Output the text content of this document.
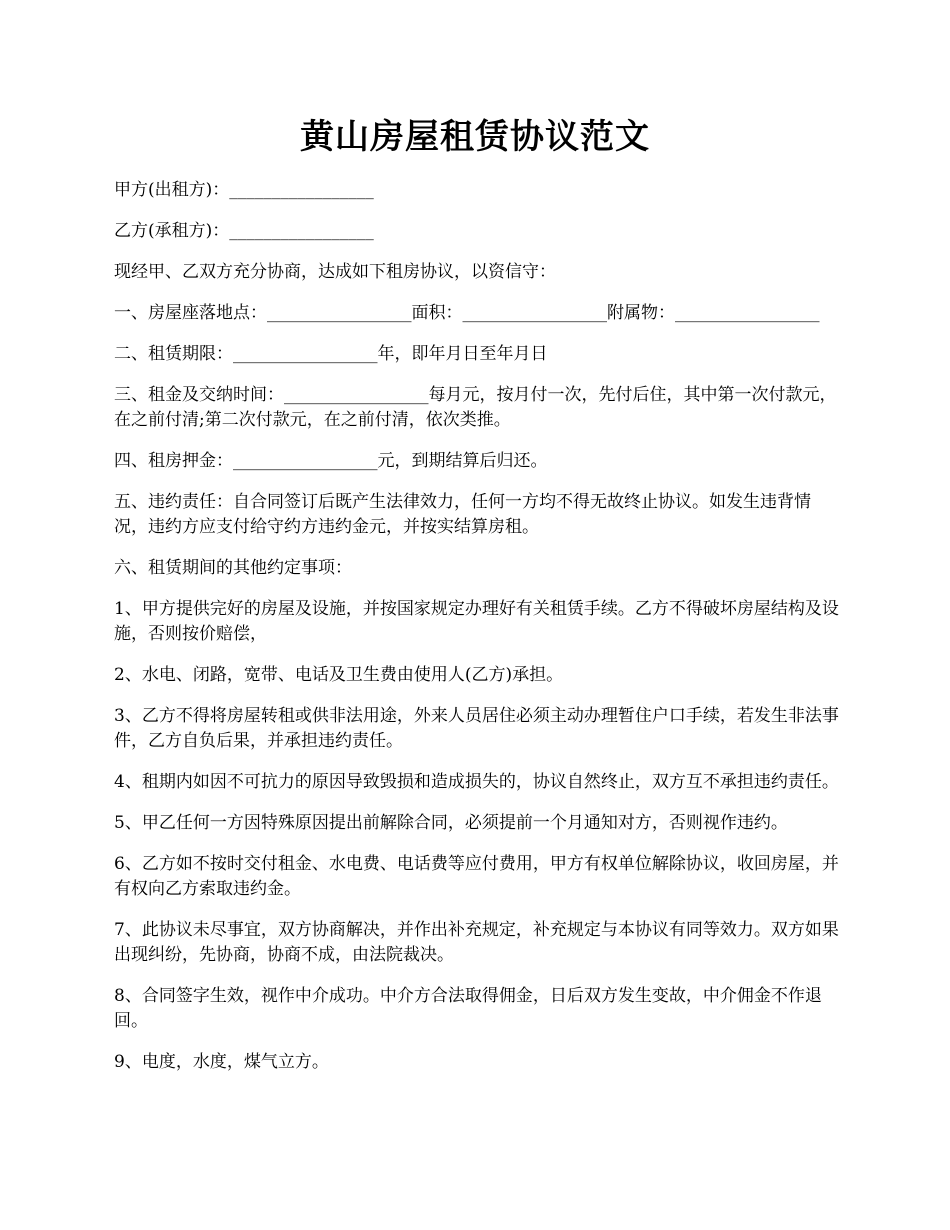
黄山房屋租赁协议范文

甲方(出租方)：_________________

乙方(承租方)：_________________

现经甲、乙双方充分协商，达成如下租房协议，以资信守：

一、房屋座落地点：_________________面积：_________________附属物：_________________

二、租赁期限：_________________年，即年月日至年月日

三、租金及交纳时间：_________________每月元，按月付一次，先付后住，其中第一次付款元，在之前付清;第二次付款元，在之前付清，依次类推。

四、租房押金：_________________元，到期结算后归还。

五、违约责任：自合同签订后既产生法律效力，任何一方均不得无故终止协议。如发生违背情况，违约方应支付给守约方违约金元，并按实结算房租。

六、租赁期间的其他约定事项：

1、甲方提供完好的房屋及设施，并按国家规定办理好有关租赁手续。乙方不得破坏房屋结构及设施，否则按价赔偿，

2、水电、闭路，宽带、电话及卫生费由使用人(乙方)承担。

3、乙方不得将房屋转租或供非法用途，外来人员居住必须主动办理暂住户口手续，若发生非法事件，乙方自负后果，并承担违约责任。

4、租期内如因不可抗力的原因导致毁损和造成损失的，协议自然终止，双方互不承担违约责任。

5、甲乙任何一方因特殊原因提出前解除合同，必须提前一个月通知对方，否则视作违约。

6、乙方如不按时交付租金、水电费、电话费等应付费用，甲方有权单位解除协议，收回房屋，并有权向乙方索取违约金。

7、此协议未尽事宜，双方协商解决，并作出补充规定，补充规定与本协议有同等效力。双方如果出现纠纷，先协商，协商不成，由法院裁决。

8、合同签字生效，视作中介成功。中介方合法取得佣金，日后双方发生变故，中介佣金不作退回。

9、电度，水度，煤气立方。
